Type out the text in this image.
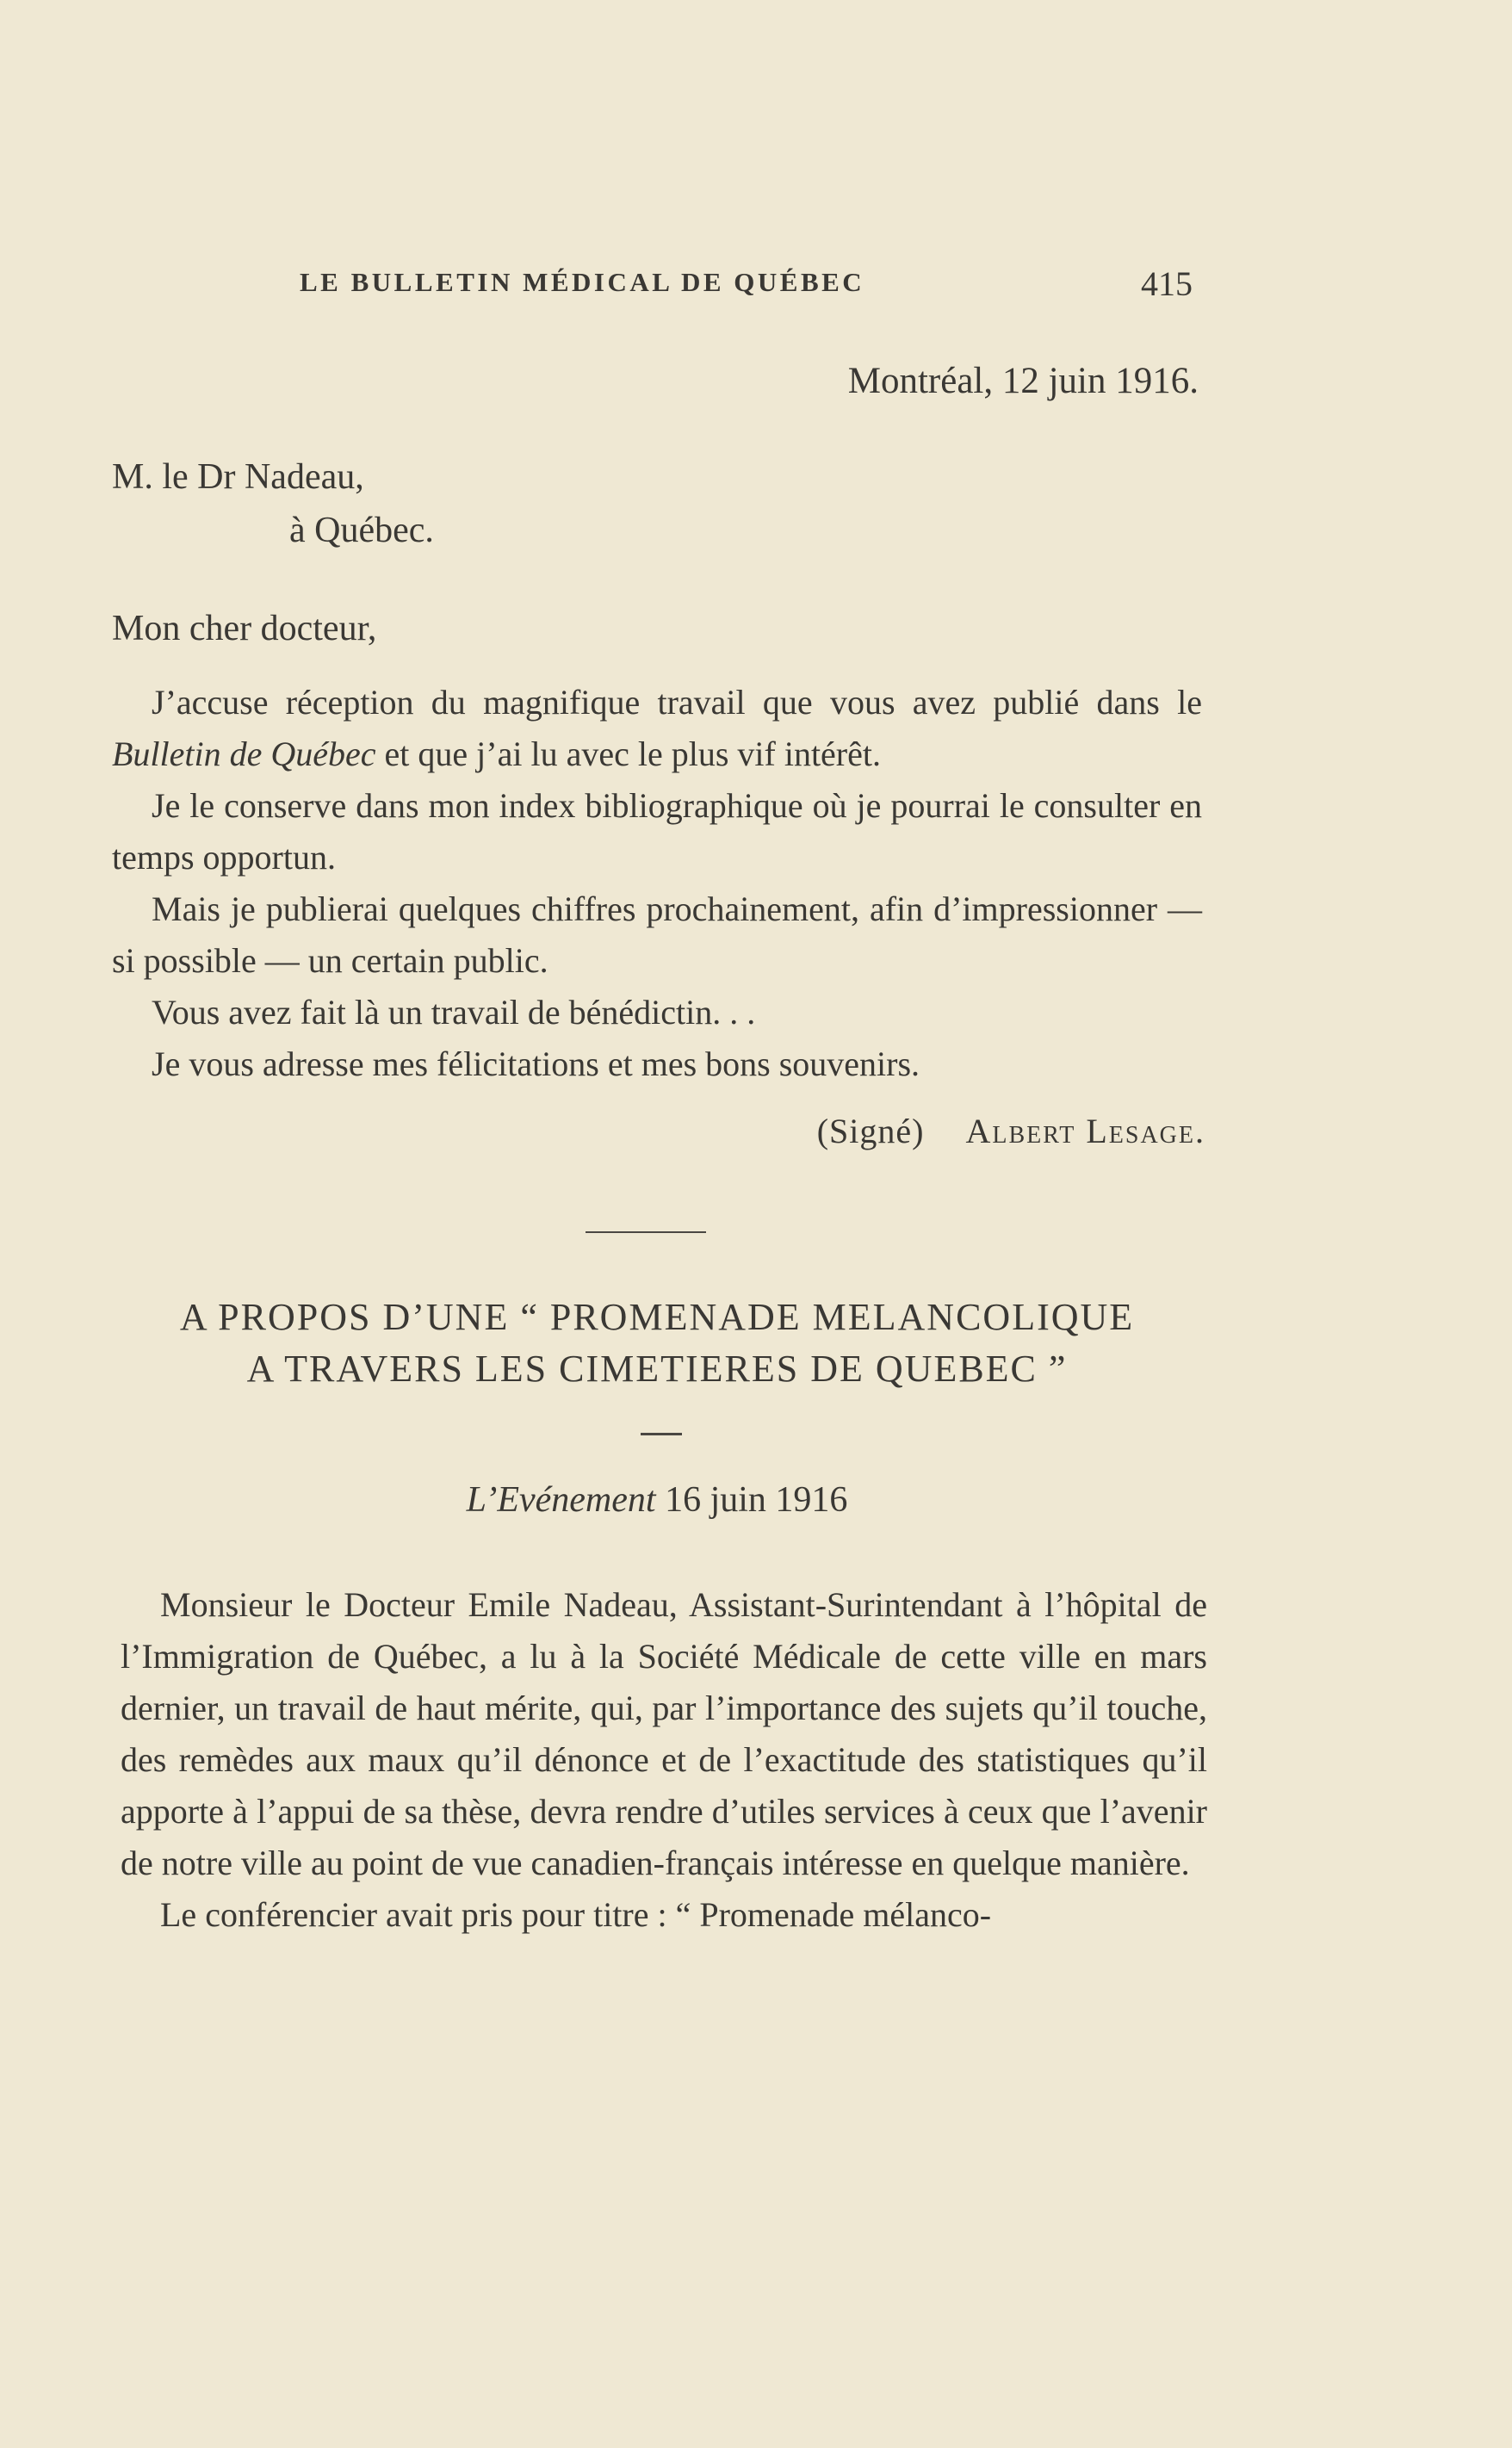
LE BULLETIN MÉDICAL DE QUÉBEC	415
Montréal, 12 juin 1916.
M. le Dr Nadeau,
à Québec.
Mon cher docteur,

J’accuse réception du magnifique travail que vous avez publié dans le Bulletin de Québec et que j’ai lu avec le plus vif intérêt.

Je le conserve dans mon index bibliographique où je pourrai le consulter en temps opportun.

Mais je publierai quelques chiffres prochainement, afin d’impressionner — si possible — un certain public.

Vous avez fait là un travail de bénédictin. . .

Je vous adresse mes félicitations et mes bons souvenirs.

(Signé) Albert Lesage.
A PROPOS D’UNE “ PROMENADE MELANCOLIQUE
A TRAVERS LES CIMETIERES DE QUEBEC ”
L’Evénement 16 juin 1916

Monsieur le Docteur Emile Nadeau, Assistant-Surintendant à l’hôpital de l’Immigration de Québec, a lu à la Société Médicale de cette ville en mars dernier, un travail de haut mérite, qui, par l’importance des sujets qu’il touche, des remèdes aux maux qu’il dénonce et de l’exactitude des statistiques qu’il apporte à l’appui de sa thèse, devra rendre d’utiles services à ceux que l’avenir de notre ville au point de vue canadien-français intéresse en quelque manière.

Le conférencier avait pris pour titre : “ Promenade mélanco-
